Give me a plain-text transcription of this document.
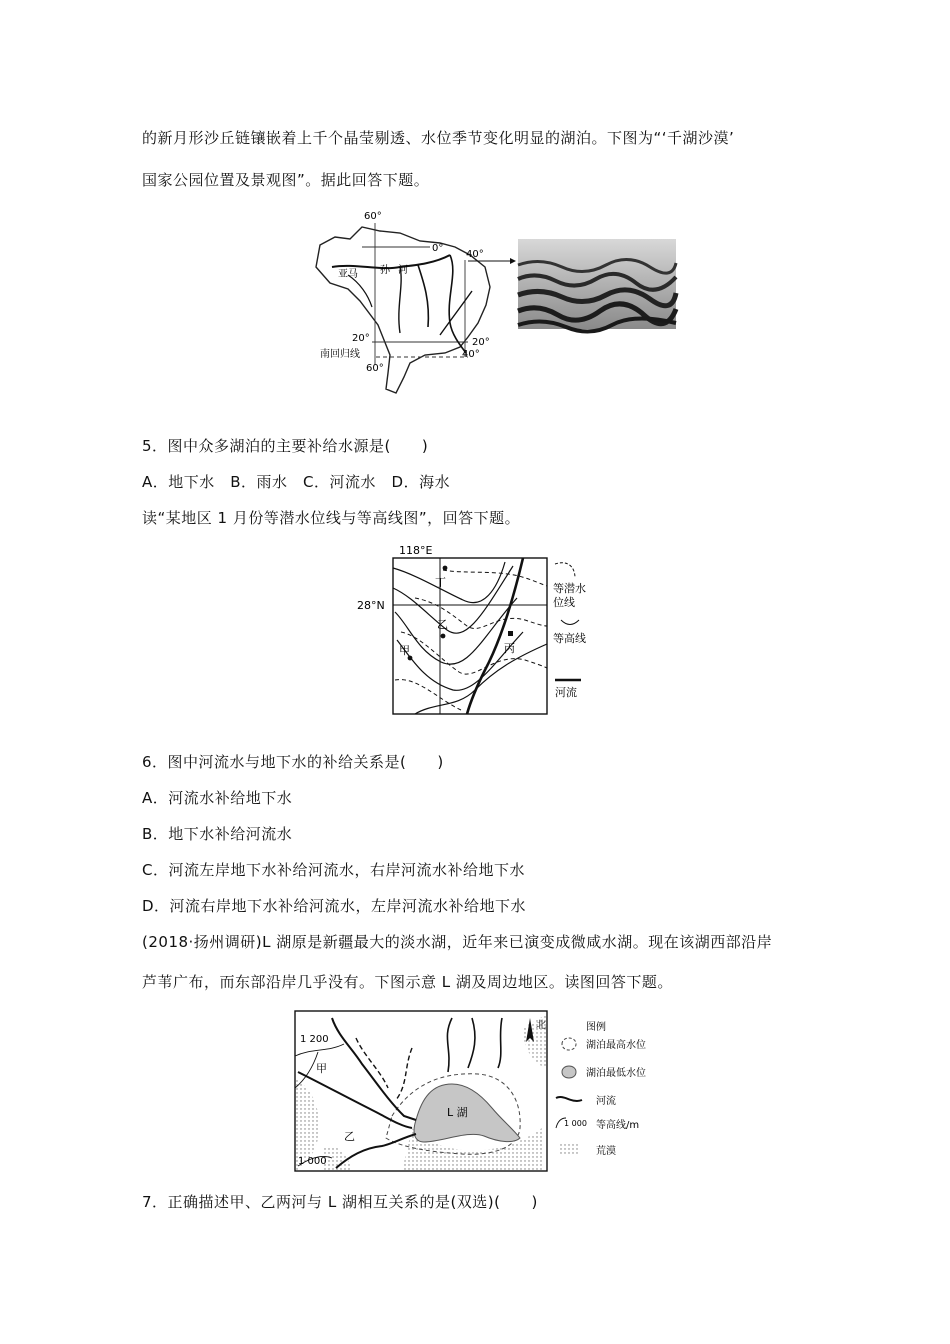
的新月形沙丘链镶嵌着上千个晶莹剔透、水位季节变化明显的湖泊。下图为“‘千湖沙漠’
国家公园位置及景观图”。据此回答下题。
60°
0°
40°
亚马 孙 河
20°	20°
南回归线	40°
60°
5．图中众多湖泊的主要补给水源是(　　)
A．地下水　B．雨水　C．河流水　D．海水
读“某地区 1 月份等潜水位线与等高线图”，回答下题。
118°E
28°N
丁
乙
甲	丙
等潜水
位线
等高线
河流
6．图中河流水与地下水的补给关系是(　　)
A．河流水补给地下水
B．地下水补给河流水
C．河流左岸地下水补给河流水，右岸河流水补给地下水
D．河流右岸地下水补给河流水，左岸河流水补给地下水
(2018·扬州调研)L 湖原是新疆最大的淡水湖，近年来已演变成微咸水湖。现在该湖西部沿岸
芦苇广布，而东部沿岸几乎没有。下图示意 L 湖及周边地区。读图回答下题。
北
1 200
甲
乙
1 000
L 湖
图例
湖泊最高水位
湖泊最低水位
河流
1 000 等高线/m
荒漠
7．正确描述甲、乙两河与 L 湖相互关系的是(双选)(　　)
